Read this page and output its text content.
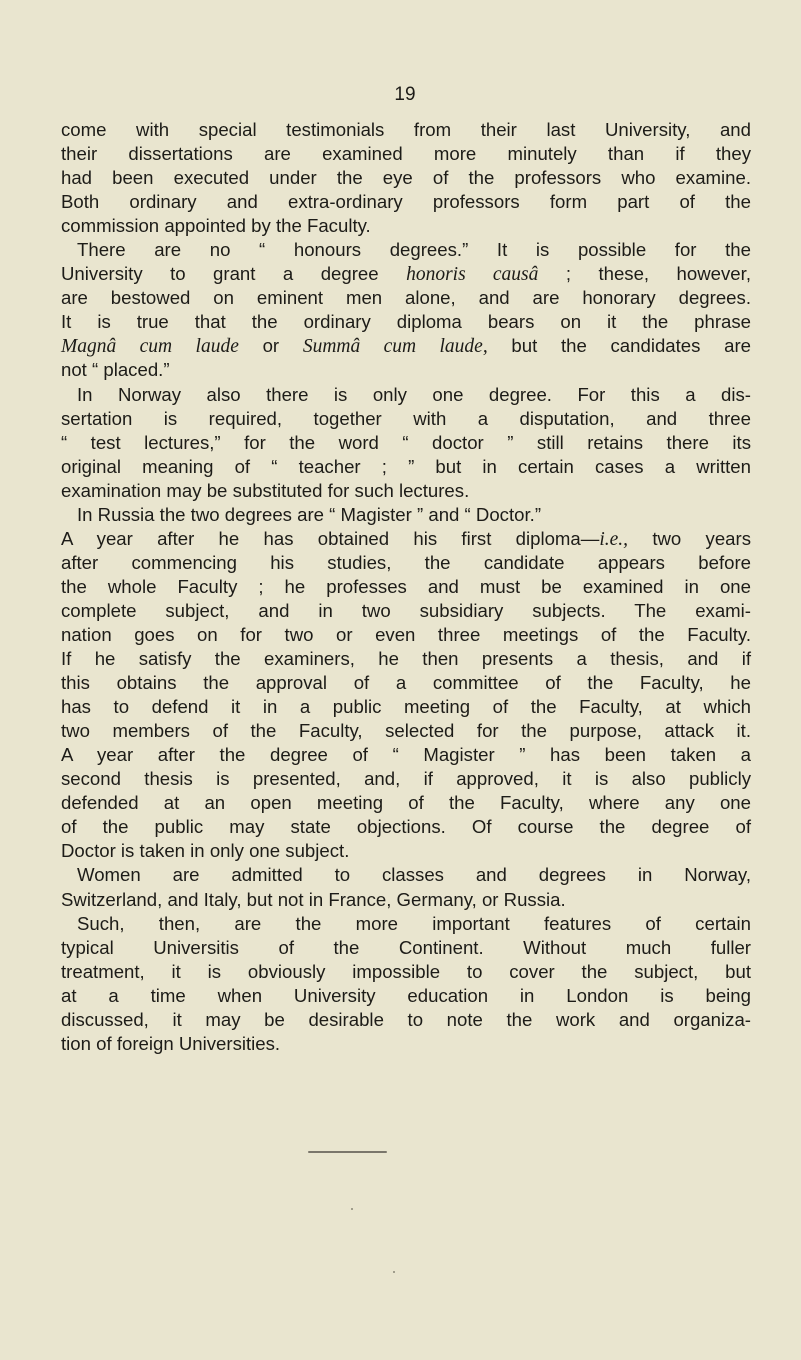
19
come with special testimonials from their last University, and
their dissertations are examined more minutely than if they
had been executed under the eye of the professors who examine.
Both ordinary and extra-ordinary professors form part of the
commission appointed by the Faculty.
There are no “ honours degrees.” It is possible for the
University to grant a degree honoris causâ ; these, however,
are bestowed on eminent men alone, and are honorary degrees.
It is true that the ordinary diploma bears on it the phrase
Magnâ cum laude or Summâ cum laude, but the candidates are
not “ placed.”
In Norway also there is only one degree. For this a dis-
sertation is required, together with a disputation, and three
“ test lectures,” for the word “ doctor ” still retains there its
original meaning of “ teacher ; ” but in certain cases a written
examination may be substituted for such lectures.
In Russia the two degrees are “ Magister ” and “ Doctor.”
A year after he has obtained his first diploma—i.e., two years
after commencing his studies, the candidate appears before
the whole Faculty ; he professes and must be examined in one
complete subject, and in two subsidiary subjects. The exami-
nation goes on for two or even three meetings of the Faculty.
If he satisfy the examiners, he then presents a thesis, and if
this obtains the approval of a committee of the Faculty, he
has to defend it in a public meeting of the Faculty, at which
two members of the Faculty, selected for the purpose, attack it.
A year after the degree of “ Magister ” has been taken a
second thesis is presented, and, if approved, it is also publicly
defended at an open meeting of the Faculty, where any one
of the public may state objections. Of course the degree of
Doctor is taken in only one subject.
Women are admitted to classes and degrees in Norway,
Switzerland, and Italy, but not in France, Germany, or Russia.
Such, then, are the more important features of certain
typical Universitis of the Continent. Without much fuller
treatment, it is obviously impossible to cover the subject, but
at a time when University education in London is being
discussed, it may be desirable to note the work and organiza-
tion of foreign Universities.
